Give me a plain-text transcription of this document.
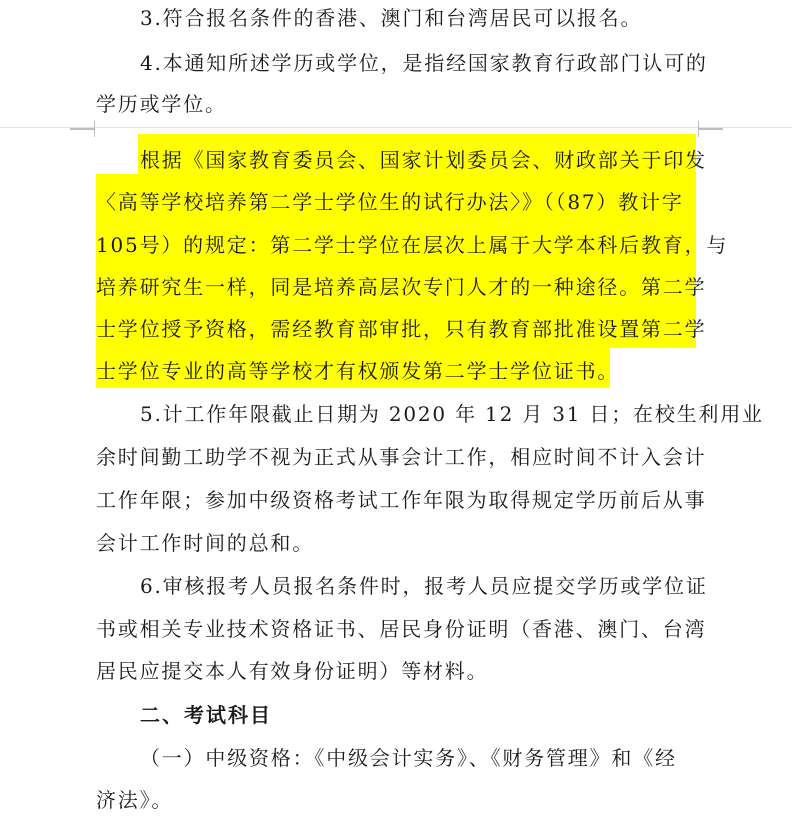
3.符合报名条件的香港、澳门和台湾居民可以报名。
4.本通知所述学历或学位，是指经国家教育行政部门认可的
学历或学位。
根据《国家教育委员会、国家计划委员会、财政部关于印发
〈高等学校培养第二学士学位生的试行办法〉》（（87）教计字
105号）的规定：第二学士学位在层次上属于大学本科后教育，与
培养研究生一样，同是培养高层次专门人才的一种途径。第二学
士学位授予资格，需经教育部审批，只有教育部批准设置第二学
士学位专业的高等学校才有权颁发第二学士学位证书。
5.计工作年限截止日期为 2020 年 12 月 31 日；在校生利用业
余时间勤工助学不视为正式从事会计工作，相应时间不计入会计
工作年限；参加中级资格考试工作年限为取得规定学历前后从事
会计工作时间的总和。
6.审核报考人员报名条件时，报考人员应提交学历或学位证
书或相关专业技术资格证书、居民身份证明（香港、澳门、台湾
居民应提交本人有效身份证明）等材料。
二、考试科目
（一）中级资格：《中级会计实务》、《财务管理》和《经
济法》。
